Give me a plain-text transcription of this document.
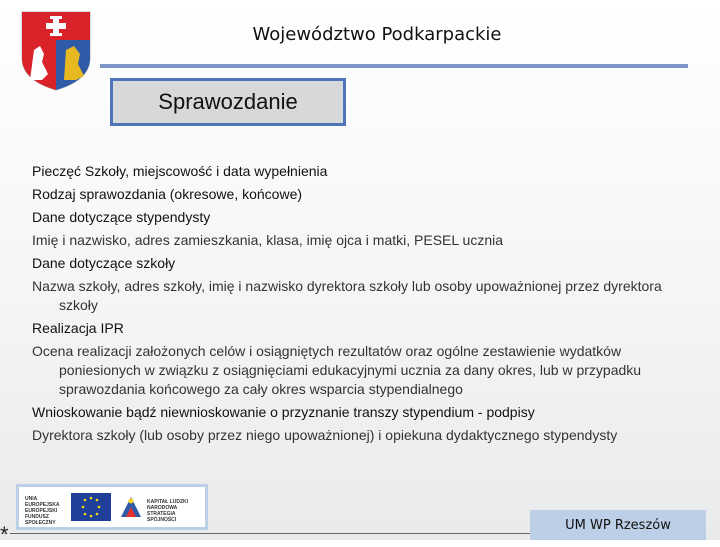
Województwo Podkarpackie
Sprawozdanie

Pieczęć Szkoły, miejscowość i data wypełnienia

Rodzaj sprawozdania (okresowe, końcowe)

Dane dotyczące stypendysty

Imię i nazwisko, adres zamieszkania, klasa, imię ojca i matki, PESEL ucznia

Dane dotyczące szkoły

Nazwa szkoły, adres szkoły, imię i nazwisko dyrektora szkoły lub osoby upoważnionej przez dyrektora szkoły

Realizacja IPR

Ocena realizacji założonych celów i osiągniętych rezultatów oraz ogólne zestawienie wydatków poniesionych w związku z osiągnięciami edukacyjnymi ucznia za dany okres, lub w przypadku sprawozdania końcowego za cały okres wsparcia stypendialnego

Wnioskowanie bądź niewnioskowanie o przyznanie transzy stypendium - podpisy

Dyrektora szkoły (lub osoby przez niego upoważnionej) i opiekuna dydaktycznego stypendysty

UNIA EUROPEJSKA EUROPEJSKI FUNDUSZ SPOŁECZNY
KAPITAŁ LUDZKI NARODOWA STRATEGIA SPÓJNOŚCI
*	UM WP Rzeszów
